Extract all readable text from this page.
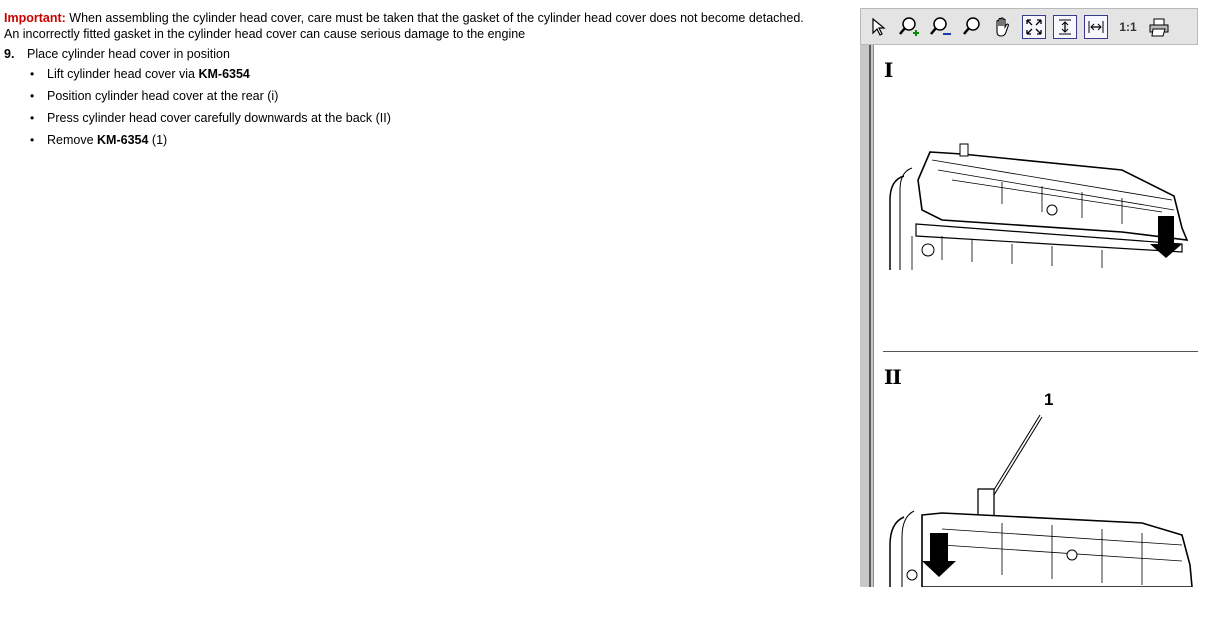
Important: When assembling the cylinder head cover, care must be taken that the gasket of the cylinder head cover does not become detached.
An incorrectly fitted gasket in the cylinder head cover can cause serious damage to the engine
9. Place cylinder head cover in position
• Lift cylinder head cover via KM-6354
• Position cylinder head cover at the rear (i)
• Press cylinder head cover carefully downwards at the back (II)
• Remove KM-6354 (1)
1:1
I
II
1
